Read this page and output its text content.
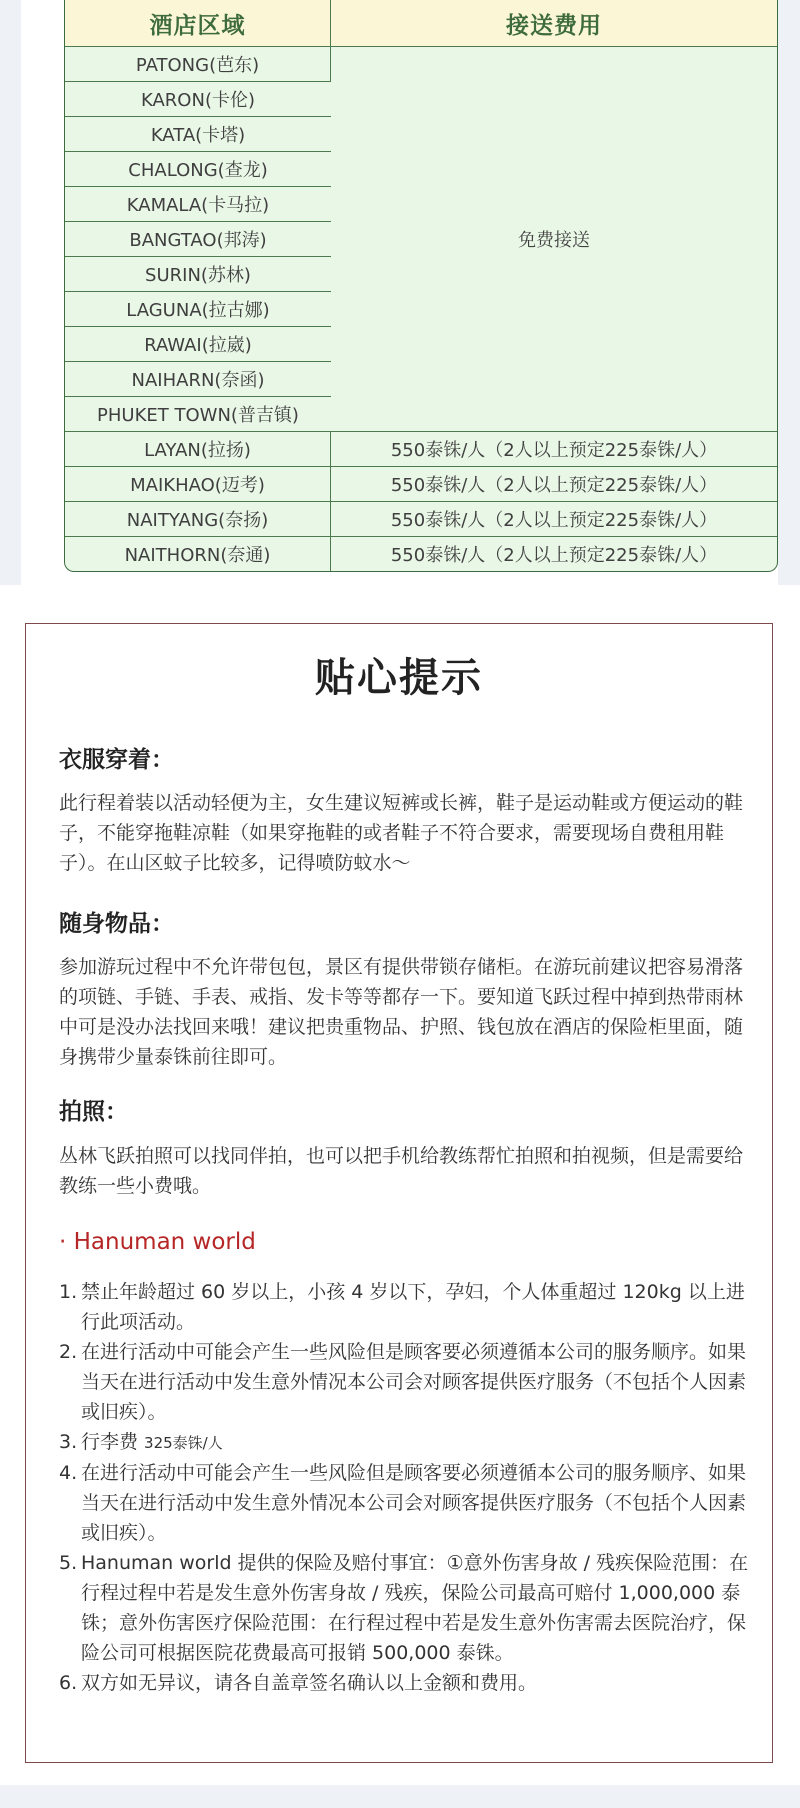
酒店区域	接送费用
PATONG(芭东)	免费接送
KARON(卡伦)	
KATA(卡塔)	
CHALONG(查龙)	
KAMALA(卡马拉)	
BANGTAO(邦涛)	
SURIN(苏林)	
LAGUNA(拉古娜)	
RAWAI(拉崴)	
NAIHARN(奈函)	
PHUKET TOWN(普吉镇)	
LAYAN(拉扬)	550泰铢/人（2人以上预定225泰铢/人）
MAIKHAO(迈考)	550泰铢/人（2人以上预定225泰铢/人）
NAITYANG(奈扬)	550泰铢/人（2人以上预定225泰铢/人）
NAITHORN(奈通)	550泰铢/人（2人以上预定225泰铢/人）
贴心提示
衣服穿着：
此行程着装以活动轻便为主，女生建议短裤或长裤，鞋子是运动鞋或方便运动的鞋子，不能穿拖鞋凉鞋（如果穿拖鞋的或者鞋子不符合要求，需要现场自费租用鞋子）。在山区蚊子比较多，记得喷防蚊水～
随身物品：
参加游玩过程中不允许带包包，景区有提供带锁存储柜。在游玩前建议把容易滑落的项链、手链、手表、戒指、发卡等等都存一下。要知道飞跃过程中掉到热带雨林中可是没办法找回来哦！建议把贵重物品、护照、钱包放在酒店的保险柜里面，随身携带少量泰铢前往即可。
拍照：
丛林飞跃拍照可以找同伴拍，也可以把手机给教练帮忙拍照和拍视频，但是需要给教练一些小费哦。
· Hanuman world
1. 禁止年龄超过 60 岁以上，小孩 4 岁以下，孕妇，个人体重超过 120kg 以上进行此项活动。
2. 在进行活动中可能会产生一些风险但是顾客要必须遵循本公司的服务顺序。如果当天在进行活动中发生意外情况本公司会对顾客提供医疗服务（不包括个人因素或旧疾）。
3. 行李费 325泰铢/人
4. 在进行活动中可能会产生一些风险但是顾客要必须遵循本公司的服务顺序、如果当天在进行活动中发生意外情况本公司会对顾客提供医疗服务（不包括个人因素或旧疾）。
5. Hanuman world 提供的保险及赔付事宜：①意外伤害身故 / 残疾保险范围：在行程过程中若是发生意外伤害身故 / 残疾，保险公司最高可赔付 1,000,000 泰铢；意外伤害医疗保险范围：在行程过程中若是发生意外伤害需去医院治疗，保险公司可根据医院花费最高可报销 500,000 泰铢。
6. 双方如无异议，请各自盖章签名确认以上金额和费用。
